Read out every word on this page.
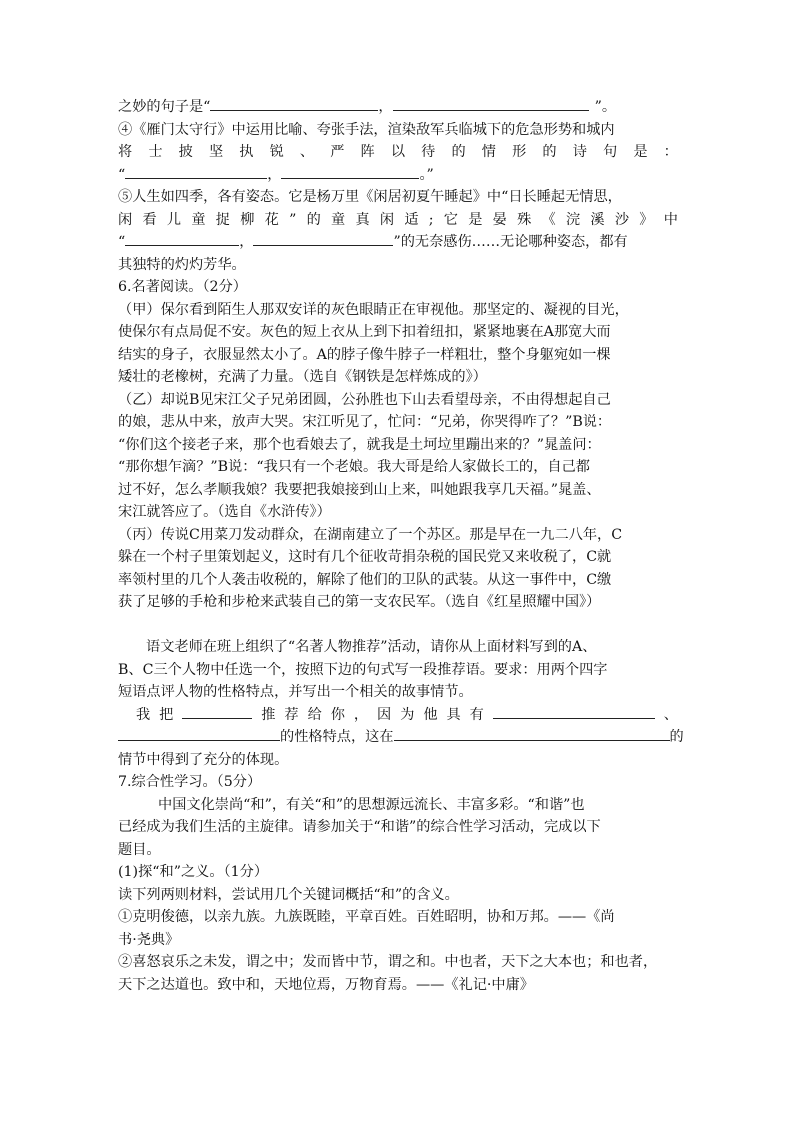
之妙的句子是“	，	”。
④《雁门太守行》中运用比喻、夸张手法，渲染敌军兵临城下的危急形势和城内
将 士 披 坚 执 锐 、 严 阵 以 待 的 情 形 的 诗 句 是 ：
“	，	。”
⑤人生如四季，各有姿态。它是杨万里《闲居初夏午睡起》中“日长睡起无情思，
闲 看 儿 童 捉 柳 花 ” 的 童 真 闲 适 ; 它 是 晏 殊 《 浣 溪 沙 》 中
“	，	”的无奈感伤……无论哪种姿态，都有
其独特的灼灼芳华。
6.名著阅读。（2分）
（甲）保尔看到陌生人那双安详的灰色眼睛正在审视他。那坚定的、凝视的目光，
使保尔有点局促不安。灰色的短上衣从上到下扣着纽扣，紧紧地裹在A那宽大而
结实的身子，衣服显然太小了。A的脖子像牛脖子一样粗壮，整个身躯宛如一棵
矮壮的老橡树，充满了力量。（选自《钢铁是怎样炼成的》）
（乙）却说B见宋江父子兄弟团圆，公孙胜也下山去看望母亲，不由得想起自己
的娘，悲从中来，放声大哭。宋江听见了，忙问：“兄弟，你哭得咋了？”B说：
“你们这个接老子来，那个也看娘去了，就我是土坷垃里蹦出来的？”晁盖问：
“那你想乍滴？”B说：“我只有一个老娘。我大哥是给人家做长工的，自己都
过不好，怎么孝顺我娘？我要把我娘接到山上来，叫她跟我享几天福。”晁盖、
宋江就答应了。（选自《水浒传》）
（丙）传说C用菜刀发动群众，在湖南建立了一个苏区。那是早在一九二八年，C
躲在一个村子里策划起义，这时有几个征收苛捐杂税的国民党又来收税了，C就
率领村里的几个人袭击收税的，解除了他们的卫队的武装。从这一事件中，C缴
获了足够的手枪和步枪来武装自己的第一支农民军。（选自《红星照耀中国》）
语文老师在班上组织了“名著人物推荐”活动，请你从上面材料写到的A、
B、C三个人物中任选一个，按照下边的句式写一段推荐语。要求：用两个四字
短语点评人物的性格特点，并写出一个相关的故事情节。
我 把	推 荐 给 你 ， 因 为 他 具 有	、
的性格特点，这在	的
情节中得到了充分的体现。
7.综合性学习。（5分）
中国文化崇尚“和”，有关“和”的思想源远流长、丰富多彩。“和谐”也
已经成为我们生活的主旋律。请参加关于“和谐”的综合性学习活动，完成以下
题目。
(1)探“和”之义。（1分）
读下列两则材料，尝试用几个关键词概括“和”的含义。
①克明俊德，以亲九族。九族既睦，平章百姓。百姓昭明，协和万邦。——《尚
书·尧典》
②喜怒哀乐之未发，谓之中；发而皆中节，谓之和。中也者，天下之大本也；和也者，
天下之达道也。致中和，天地位焉，万物育焉。——《礼记·中庸》
